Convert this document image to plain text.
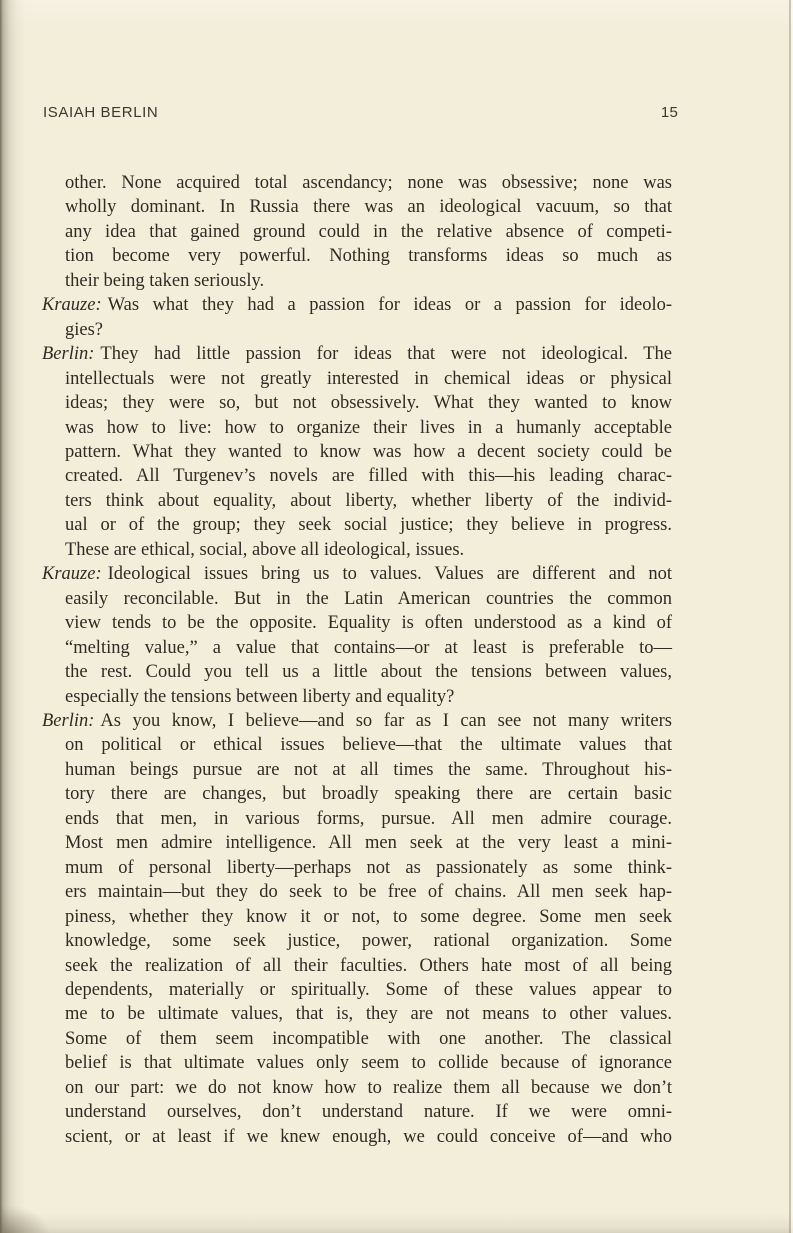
ISAIAH BERLIN	15
other. None acquired total ascendancy; none was obsessive; none was
wholly dominant. In Russia there was an ideological vacuum, so that
any idea that gained ground could in the relative absence of competi-
tion become very powerful. Nothing transforms ideas so much as
their being taken seriously.
Krauze: Was what they had a passion for ideas or a passion for ideolo-
gies?
Berlin: They had little passion for ideas that were not ideological. The
intellectuals were not greatly interested in chemical ideas or physical
ideas; they were so, but not obsessively. What they wanted to know
was how to live: how to organize their lives in a humanly acceptable
pattern. What they wanted to know was how a decent society could be
created. All Turgenev’s novels are filled with this—his leading charac-
ters think about equality, about liberty, whether liberty of the individ-
ual or of the group; they seek social justice; they believe in progress.
These are ethical, social, above all ideological, issues.
Krauze: Ideological issues bring us to values. Values are different and not
easily reconcilable. But in the Latin American countries the common
view tends to be the opposite. Equality is often understood as a kind of
“melting value,” a value that contains—or at least is preferable to—
the rest. Could you tell us a little about the tensions between values,
especially the tensions between liberty and equality?
Berlin: As you know, I believe—and so far as I can see not many writers
on political or ethical issues believe—that the ultimate values that
human beings pursue are not at all times the same. Throughout his-
tory there are changes, but broadly speaking there are certain basic
ends that men, in various forms, pursue. All men admire courage.
Most men admire intelligence. All men seek at the very least a mini-
mum of personal liberty—perhaps not as passionately as some think-
ers maintain—but they do seek to be free of chains. All men seek hap-
piness, whether they know it or not, to some degree. Some men seek
knowledge, some seek justice, power, rational organization. Some
seek the realization of all their faculties. Others hate most of all being
dependents, materially or spiritually. Some of these values appear to
me to be ultimate values, that is, they are not means to other values.
Some of them seem incompatible with one another. The classical
belief is that ultimate values only seem to collide because of ignorance
on our part: we do not know how to realize them all because we don’t
understand ourselves, don’t understand nature. If we were omni-
scient, or at least if we knew enough, we could conceive of—and who
